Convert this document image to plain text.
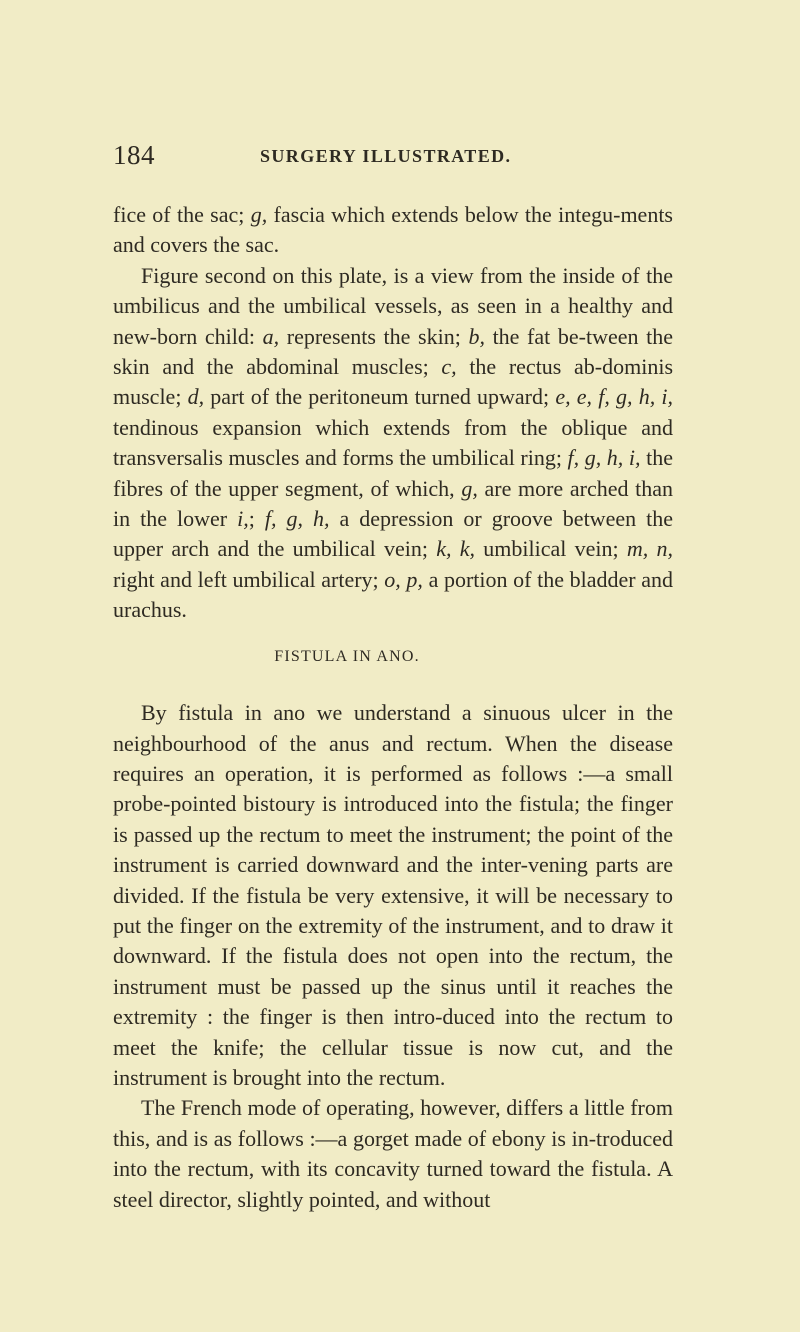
184	SURGERY ILLUSTRATED.

fice of the sac; g, fascia which extends below the integu-ments and covers the sac.

Figure second on this plate, is a view from the inside of the umbilicus and the umbilical vessels, as seen in a healthy and new-born child: a, represents the skin; b, the fat be-tween the skin and the abdominal muscles; c, the rectus ab-dominis muscle; d, part of the peritoneum turned upward; e, e, f, g, h, i, tendinous expansion which extends from the oblique and transversalis muscles and forms the umbilical ring; f, g, h, i, the fibres of the upper segment, of which, g, are more arched than in the lower i,; f, g, h, a depression or groove between the upper arch and the umbilical vein; k, k, umbilical vein; m, n, right and left umbilical artery; o, p, a portion of the bladder and urachus.

FISTULA IN ANO.

By fistula in ano we understand a sinuous ulcer in the neighbourhood of the anus and rectum. When the disease requires an operation, it is performed as follows :—a small probe-pointed bistoury is introduced into the fistula; the finger is passed up the rectum to meet the instrument; the point of the instrument is carried downward and the inter-vening parts are divided. If the fistula be very extensive, it will be necessary to put the finger on the extremity of the instrument, and to draw it downward. If the fistula does not open into the rectum, the instrument must be passed up the sinus until it reaches the extremity : the finger is then intro-duced into the rectum to meet the knife; the cellular tissue is now cut, and the instrument is brought into the rectum.

The French mode of operating, however, differs a little from this, and is as follows :—a gorget made of ebony is in-troduced into the rectum, with its concavity turned toward the fistula. A steel director, slightly pointed, and without
